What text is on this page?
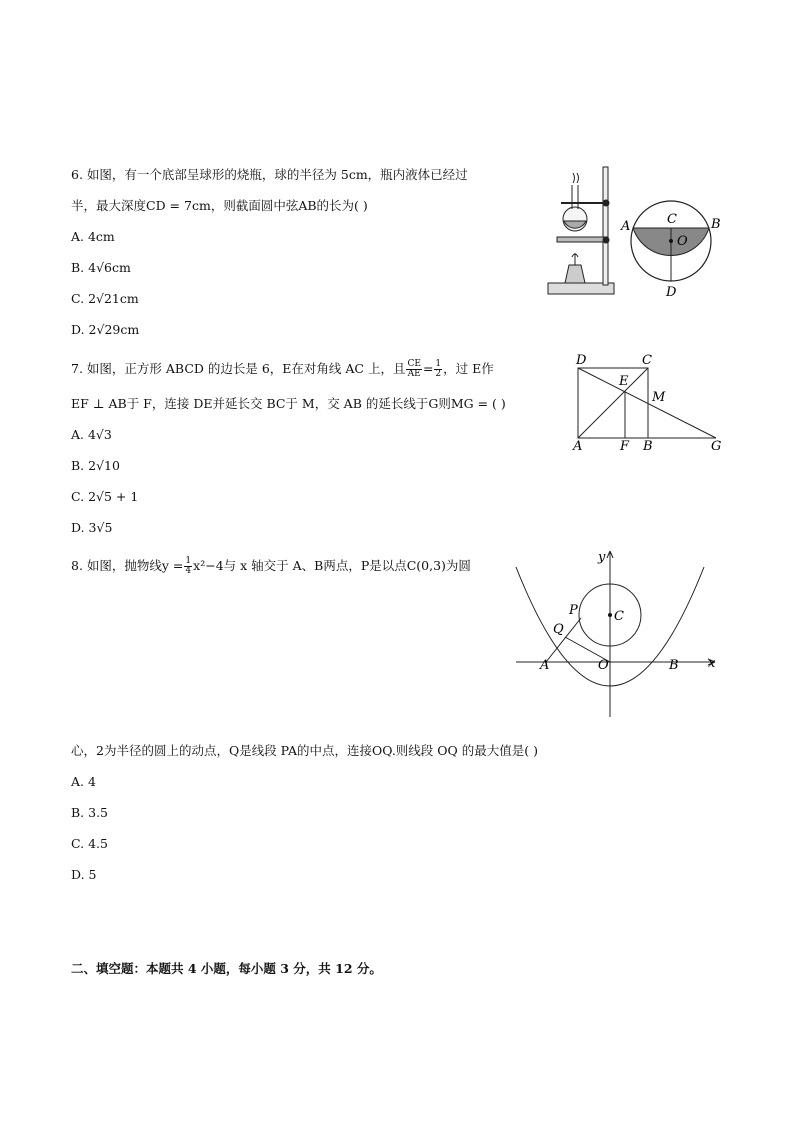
6. 如图，有一个底部呈球形的烧瓶，球的半径为 5cm，瓶内液体已经过
半，最大深度CD = 7cm，则截面圆中弦AB的长为( )
A. 4cm
B. 4√6cm
C. 2√21cm
D. 2√29cm
A	B
C
O
D
7. 如图，正方形 ABCD 的边长是 6，E在对角线 AC 上，且 $\frac{CE}{AE} = \frac{1}{2}$ ，过 E作
EF ⊥ AB于 F，连接 DE并延长交 BC于 M，交 AB 的延长线于G则MG = ( )
A. 4√3
B. 2√10
C. 2√5 + 1
D. 3√5
D	C
E
M
A	F B	G
8. 如图，抛物线$y = \frac{1}{4} x^2-4$与 x 轴交于 A、B两点，P是以点C(0,3)为圆
y
x
P
Q
C
A	O	B
心，2为半径的圆上的动点，Q是线段 PA的中点，连接OQ.则线段 OQ 的最大值是( )
A. 4
B. 3.5
C. 4.5
D. 5
二、填空题：本题共 4 小题，每小题 3 分，共 12 分。
